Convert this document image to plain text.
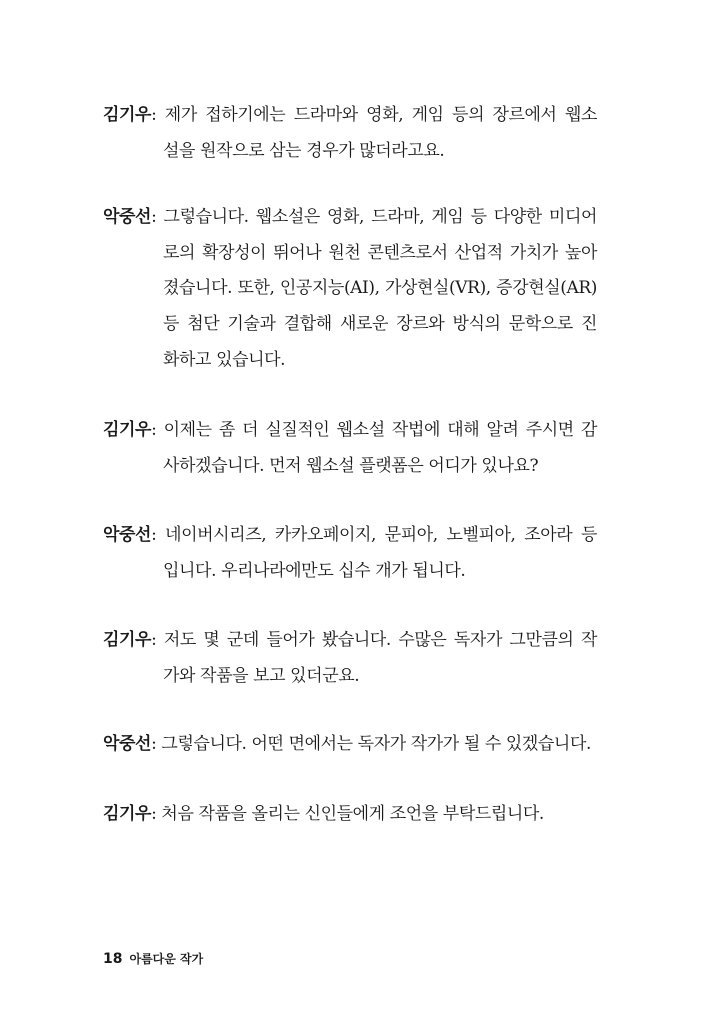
김기우: 제가 접하기에는 드라마와 영화, 게임 등의 장르에서 웹소
설을 원작으로 삼는 경우가 많더라고요.
악중선: 그렇습니다. 웹소설은 영화, 드라마, 게임 등 다양한 미디어
로의 확장성이 뛰어나 원천 콘텐츠로서 산업적 가치가 높아
졌습니다. 또한, 인공지능(AI), 가상현실(VR), 증강현실(AR)
등 첨단 기술과 결합해 새로운 장르와 방식의 문학으로 진
화하고 있습니다.
김기우: 이제는 좀 더 실질적인 웹소설 작법에 대해 알려 주시면 감
사하겠습니다. 먼저 웹소설 플랫폼은 어디가 있나요?
악중선: 네이버시리즈, 카카오페이지, 문피아, 노벨피아, 조아라 등
입니다. 우리나라에만도 십수 개가 됩니다.
김기우: 저도 몇 군데 들어가 봤습니다. 수많은 독자가 그만큼의 작
가와 작품을 보고 있더군요.
악중선: 그렇습니다. 어떤 면에서는 독자가 작가가 될 수 있겠습니다.
김기우: 처음 작품을 올리는 신인들에게 조언을 부탁드립니다.
18 아름다운 작가
